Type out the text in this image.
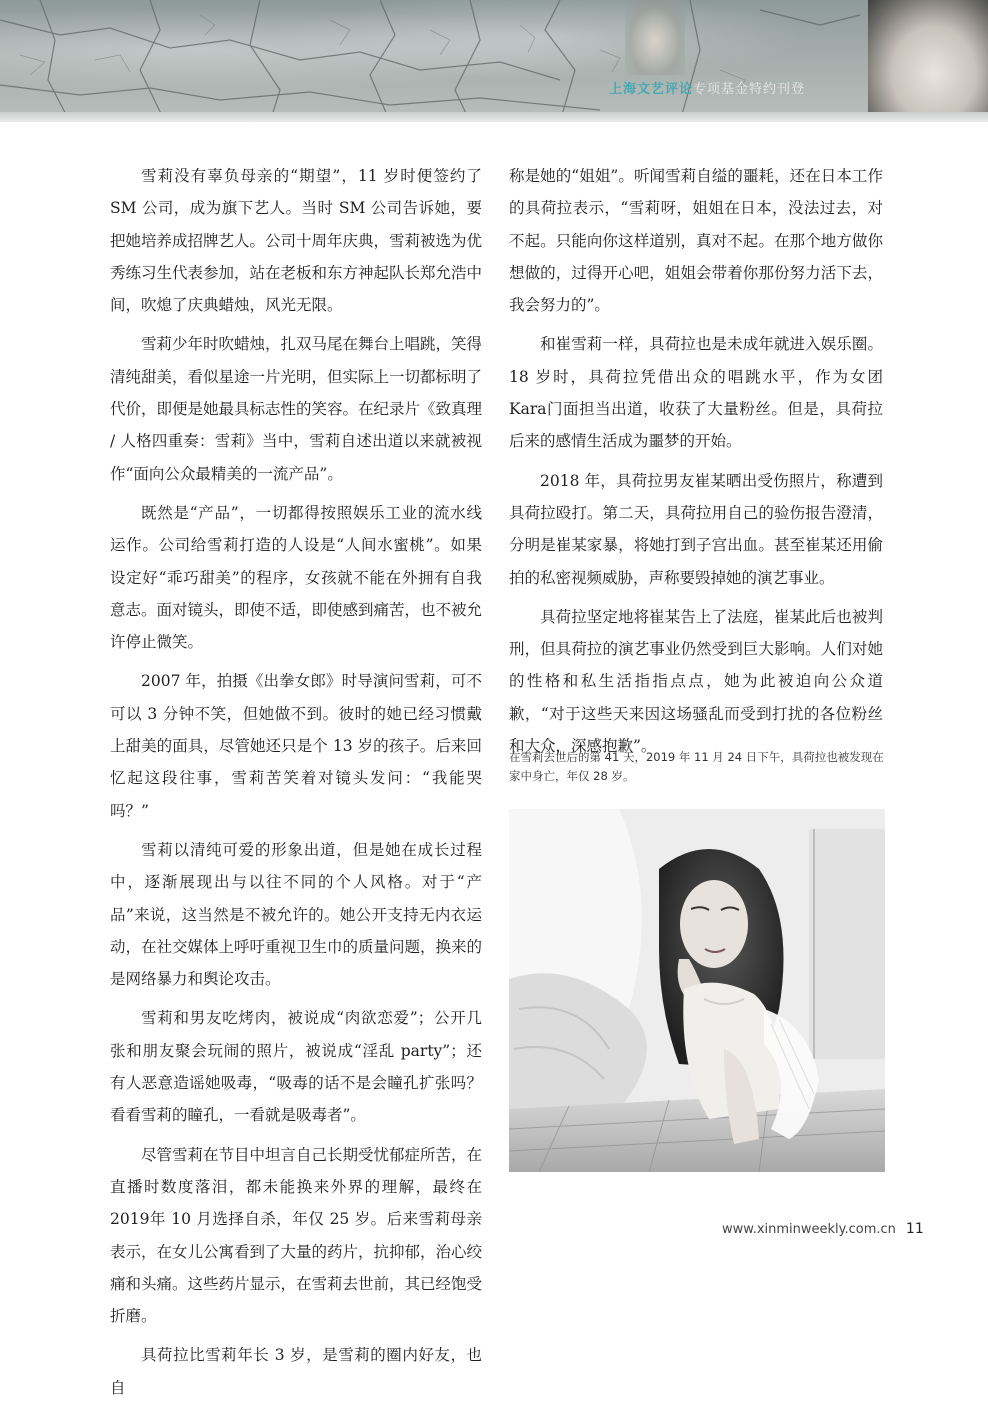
上海文艺评论专项基金特约刊登

雪莉没有辜负母亲的“期望”，11 岁时便签约了SM 公司，成为旗下艺人。当时 SM 公司告诉她，要把她培养成招牌艺人。公司十周年庆典，雪莉被选为优秀练习生代表参加，站在老板和东方神起队长郑允浩中间，吹熄了庆典蜡烛，风光无限。

雪莉少年时吹蜡烛，扎双马尾在舞台上唱跳，笑得清纯甜美，看似星途一片光明，但实际上一切都标明了代价，即便是她最具标志性的笑容。在纪录片《致真理 / 人格四重奏：雪莉》当中，雪莉自述出道以来就被视作“面向公众最精美的一流产品”。

既然是“产品”，一切都得按照娱乐工业的流水线运作。公司给雪莉打造的人设是“人间水蜜桃”。如果设定好“乖巧甜美”的程序，女孩就不能在外拥有自我意志。面对镜头，即使不适，即使感到痛苦，也不被允许停止微笑。

2007 年，拍摄《出拳女郎》时导演问雪莉，可不可以 3 分钟不笑，但她做不到。彼时的她已经习惯戴上甜美的面具，尽管她还只是个 13 岁的孩子。后来回忆起这段往事，雪莉苦笑着对镜头发问：“我能哭吗？”

雪莉以清纯可爱的形象出道，但是她在成长过程中，逐渐展现出与以往不同的个人风格。对于“产品”来说，这当然是不被允许的。她公开支持无内衣运动，在社交媒体上呼吁重视卫生巾的质量问题，换来的是网络暴力和舆论攻击。

雪莉和男友吃烤肉，被说成“肉欲恋爱”；公开几张和朋友聚会玩闹的照片，被说成“淫乱 party”；还有人恶意造谣她吸毒，“吸毒的话不是会瞳孔扩张吗？看看雪莉的瞳孔，一看就是吸毒者”。

尽管雪莉在节目中坦言自己长期受忧郁症所苦，在直播时数度落泪，都未能换来外界的理解，最终在 2019年 10 月选择自杀，年仅 25 岁。后来雪莉母亲表示，在女儿公寓看到了大量的药片，抗抑郁，治心绞痛和头痛。这些药片显示，在雪莉去世前，其已经饱受折磨。

具荷拉比雪莉年长 3 岁，是雪莉的圈内好友，也自

称是她的“姐姐”。听闻雪莉自缢的噩耗，还在日本工作的具荷拉表示，“雪莉呀，姐姐在日本，没法过去，对不起。只能向你这样道别，真对不起。在那个地方做你想做的，过得开心吧，姐姐会带着你那份努力活下去，我会努力的”。

和崔雪莉一样，具荷拉也是未成年就进入娱乐圈。18 岁时，具荷拉凭借出众的唱跳水平，作为女团 Kara门面担当出道，收获了大量粉丝。但是，具荷拉后来的感情生活成为噩梦的开始。

2018 年，具荷拉男友崔某晒出受伤照片，称遭到具荷拉殴打。第二天，具荷拉用自己的验伤报告澄清，分明是崔某家暴，将她打到子宫出血。甚至崔某还用偷拍的私密视频威胁，声称要毁掉她的演艺事业。

具荷拉坚定地将崔某告上了法庭，崔某此后也被判刑，但具荷拉的演艺事业仍然受到巨大影响。人们对她的性格和私生活指指点点，她为此被迫向公众道歉，“对于这些天来因这场骚乱而受到打扰的各位粉丝和大众，深感抱歉”。

在雪莉去世后的第 41 天，2019 年 11 月 24 日下午，具荷拉也被发现在家中身亡，年仅 28 岁。
www.xinminweekly.com.cn 11
